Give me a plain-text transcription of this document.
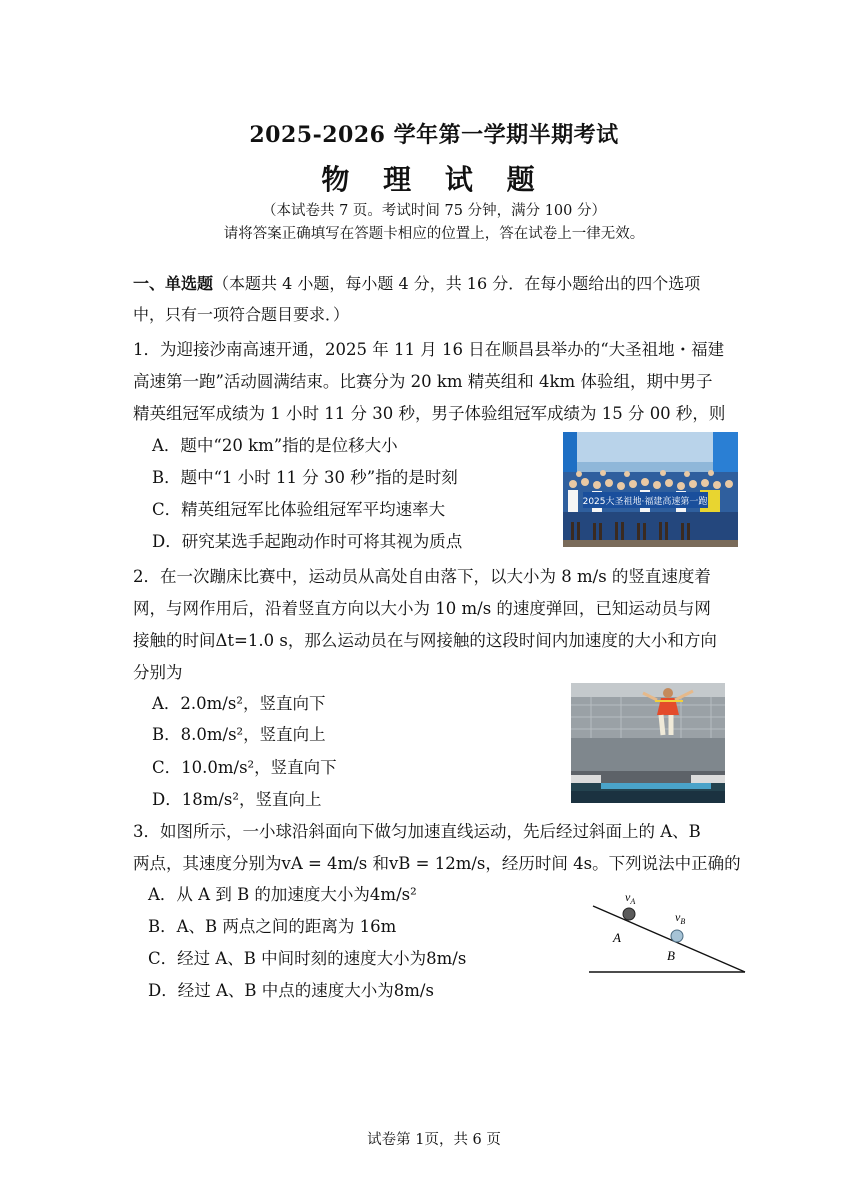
2025-2026 学年第一学期半期考试
物 理 试 题
（本试卷共 7 页。考试时间 75 分钟，满分 100 分）
请将答案正确填写在答题卡相应的位置上，答在试卷上一律无效。
一、单选题（本题共 4 小题，每小题 4 分，共 16 分．在每小题给出的四个选项
中，只有一项符合题目要求．）
1．为迎接沙南高速开通，2025 年 11 月 16 日在顺昌县举办的“大圣祖地・福建
高速第一跑”活动圆满结束。比赛分为 20 km 精英组和 4km 体验组，期中男子
精英组冠军成绩为 1 小时 11 分 30 秒，男子体验组冠军成绩为 15 分 00 秒，则
A．题中“20 km”指的是位移大小
B．题中“1 小时 11 分 30 秒”指的是时刻
C．精英组冠军比体验组冠军平均速率大
D．研究某选手起跑动作时可将其视为质点
2025大圣祖地·福建高速第一跑
2．在一次蹦床比赛中，运动员从高处自由落下，以大小为 8 m/s 的竖直速度着
网，与网作用后，沿着竖直方向以大小为 10 m/s 的速度弹回，已知运动员与网
接触的时间Δt=1.0 s，那么运动员在与网接触的这段时间内加速度的大小和方向
分别为
A．2.0m/s²，竖直向下
B．8.0m/s²，竖直向上
C．10.0m/s²，竖直向下
D．18m/s²，竖直向上
3．如图所示，一小球沿斜面向下做匀加速直线运动，先后经过斜面上的 A、B
两点，其速度分别为vA = 4m/s 和vB = 12m/s，经历时间 4s。下列说法中正确的
A．从 A 到 B 的加速度大小为4m/s²
B．A、B 两点之间的距离为 16m
C．经过 A、B 中间时刻的速度大小为8m/s
D．经过 A、B 中点的速度大小为8m/s
$v_A$
$v_B$
A
B
试卷第 1页，共 6 页
